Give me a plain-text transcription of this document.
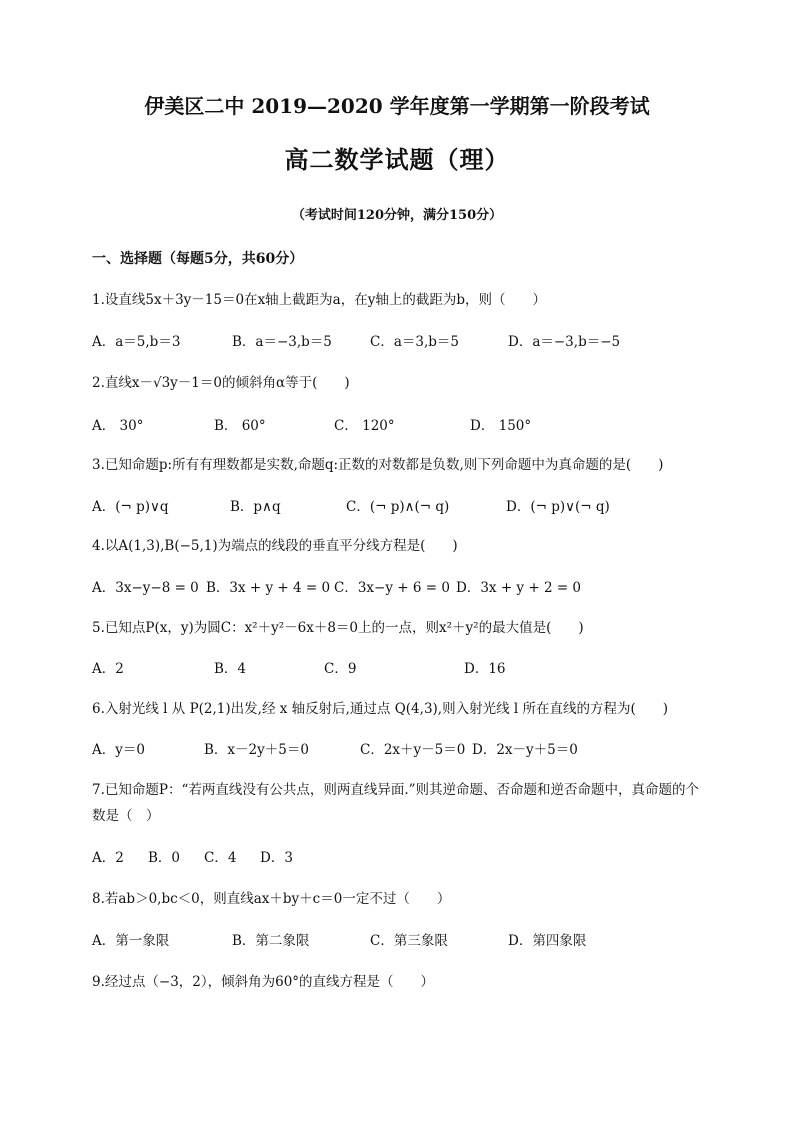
伊美区二中 2019—2020 学年度第一学期第一阶段考试
高二数学试题（理）
（考试时间120分钟，满分150分）
一、选择题（每题5分，共60分）
1.设直线5x＋3y－15＝0在x轴上截距为a，在y轴上的截距为b，则（　　）
A．a＝5,b＝3	B．a＝−3,b＝5	C．a＝3,b＝5	D．a＝−3,b＝−5
2.直线x－√3y－1＝0的倾斜角α等于(　　)
A． 30°	B． 60°	C． 120°	D． 150°
3.已知命题p:所有有理数都是实数,命题q:正数的对数都是负数,则下列命题中为真命题的是(　　)
A．(¬ p)∨q	B．p∧q	C．(¬ p)∧(¬ q)	D．(¬ p)∨(¬ q)
4.以A(1,3),B(−5,1)为端点的线段的垂直平分线方程是(　　)
A．3x−y−8 = 0 B．3x + y + 4 = 0 C．3x−y + 6 = 0 D．3x + y + 2 = 0
5.已知点P(x，y)为圆C：x²＋y²－6x＋8＝0上的一点，则x²＋y²的最大值是(　　)
A．2	B．4	C．9	D．16
6.入射光线 l 从 P(2,1)出发,经 x 轴反射后,通过点 Q(4,3),则入射光线 l 所在直线的方程为(　　)
A．y＝0	B．x－2y＋5＝0	C．2x＋y－5＝0 D．2x－y＋5＝0
7.已知命题P：“若两直线没有公共点，则两直线异面.”则其逆命题、否命题和逆否命题中，真命题的个数是（　）
A．2 B．0 C．4 D．3
8.若ab＞0,bc＜0，则直线ax＋by＋c＝0一定不过（　　）
A．第一象限	B．第二象限	C．第三象限	D．第四象限
9.经过点（−3，2），倾斜角为60°的直线方程是（　　）
